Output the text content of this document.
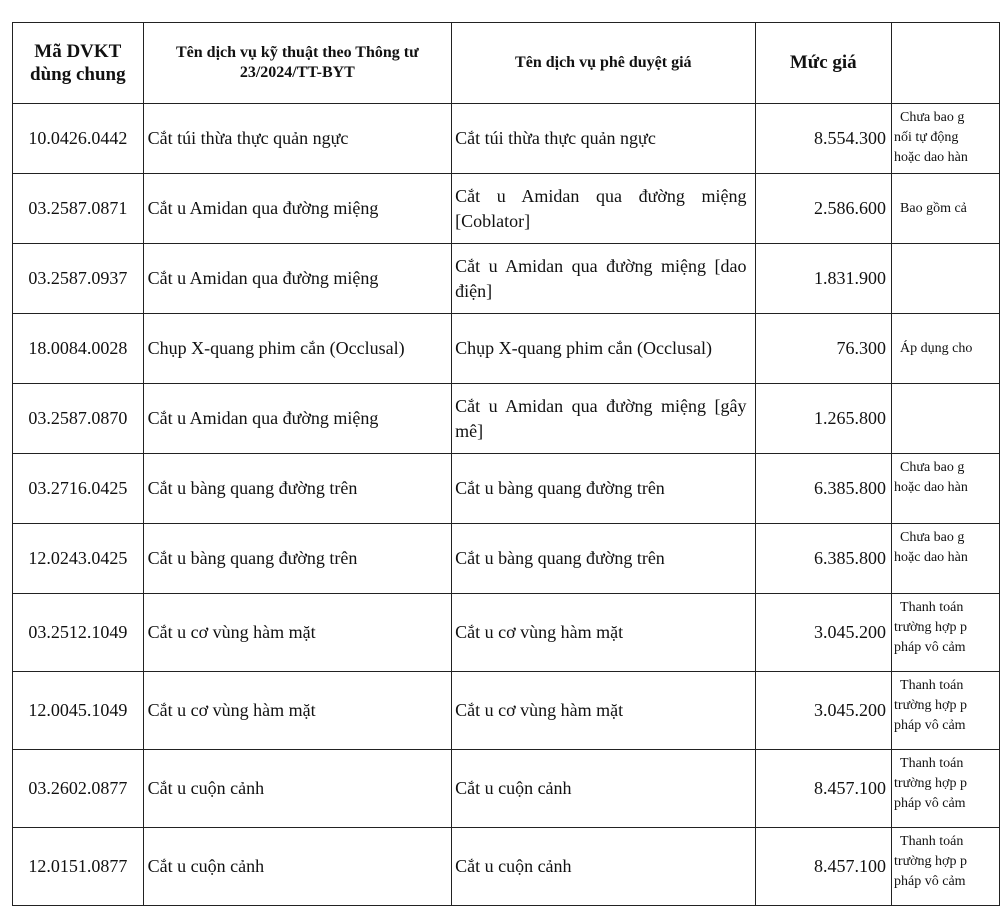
Mã DVKT dùng chung	Tên dịch vụ kỹ thuật theo Thông tư 23/2024/TT-BYT	Tên dịch vụ phê duyệt giá	Mức giá	
10.0426.0442	Cắt túi thừa thực quản ngực	Cắt túi thừa thực quản ngực	8.554.300	Chưa bao g
nối tự động
hoặc dao hàn

03.2587.0871	Cắt u Amidan qua đường miệng	Cắt u Amidan qua đường miệng [Coblator]	2.586.600	Bao gồm cả

03.2587.0937	Cắt u Amidan qua đường miệng	Cắt u Amidan qua đường miệng [dao điện]	1.831.900	
18.0084.0028	Chụp X-quang phim cắn (Occlusal)	Chụp X-quang phim cắn (Occlusal)	76.300	Áp dụng cho

03.2587.0870	Cắt u Amidan qua đường miệng	Cắt u Amidan qua đường miệng [gây mê]	1.265.800	
03.2716.0425	Cắt u bàng quang đường trên	Cắt u bàng quang đường trên	6.385.800	Chưa bao g
hoặc dao hàn

12.0243.0425	Cắt u bàng quang đường trên	Cắt u bàng quang đường trên	6.385.800	Chưa bao g
hoặc dao hàn

03.2512.1049	Cắt u cơ vùng hàm mặt	Cắt u cơ vùng hàm mặt	3.045.200	Thanh toán
trường hợp p
pháp vô cảm

12.0045.1049	Cắt u cơ vùng hàm mặt	Cắt u cơ vùng hàm mặt	3.045.200	Thanh toán
trường hợp p
pháp vô cảm

03.2602.0877	Cắt u cuộn cảnh	Cắt u cuộn cảnh	8.457.100	Thanh toán
trường hợp p
pháp vô cảm

12.0151.0877	Cắt u cuộn cảnh	Cắt u cuộn cảnh	8.457.100	Thanh toán
trường hợp p
pháp vô cảm
